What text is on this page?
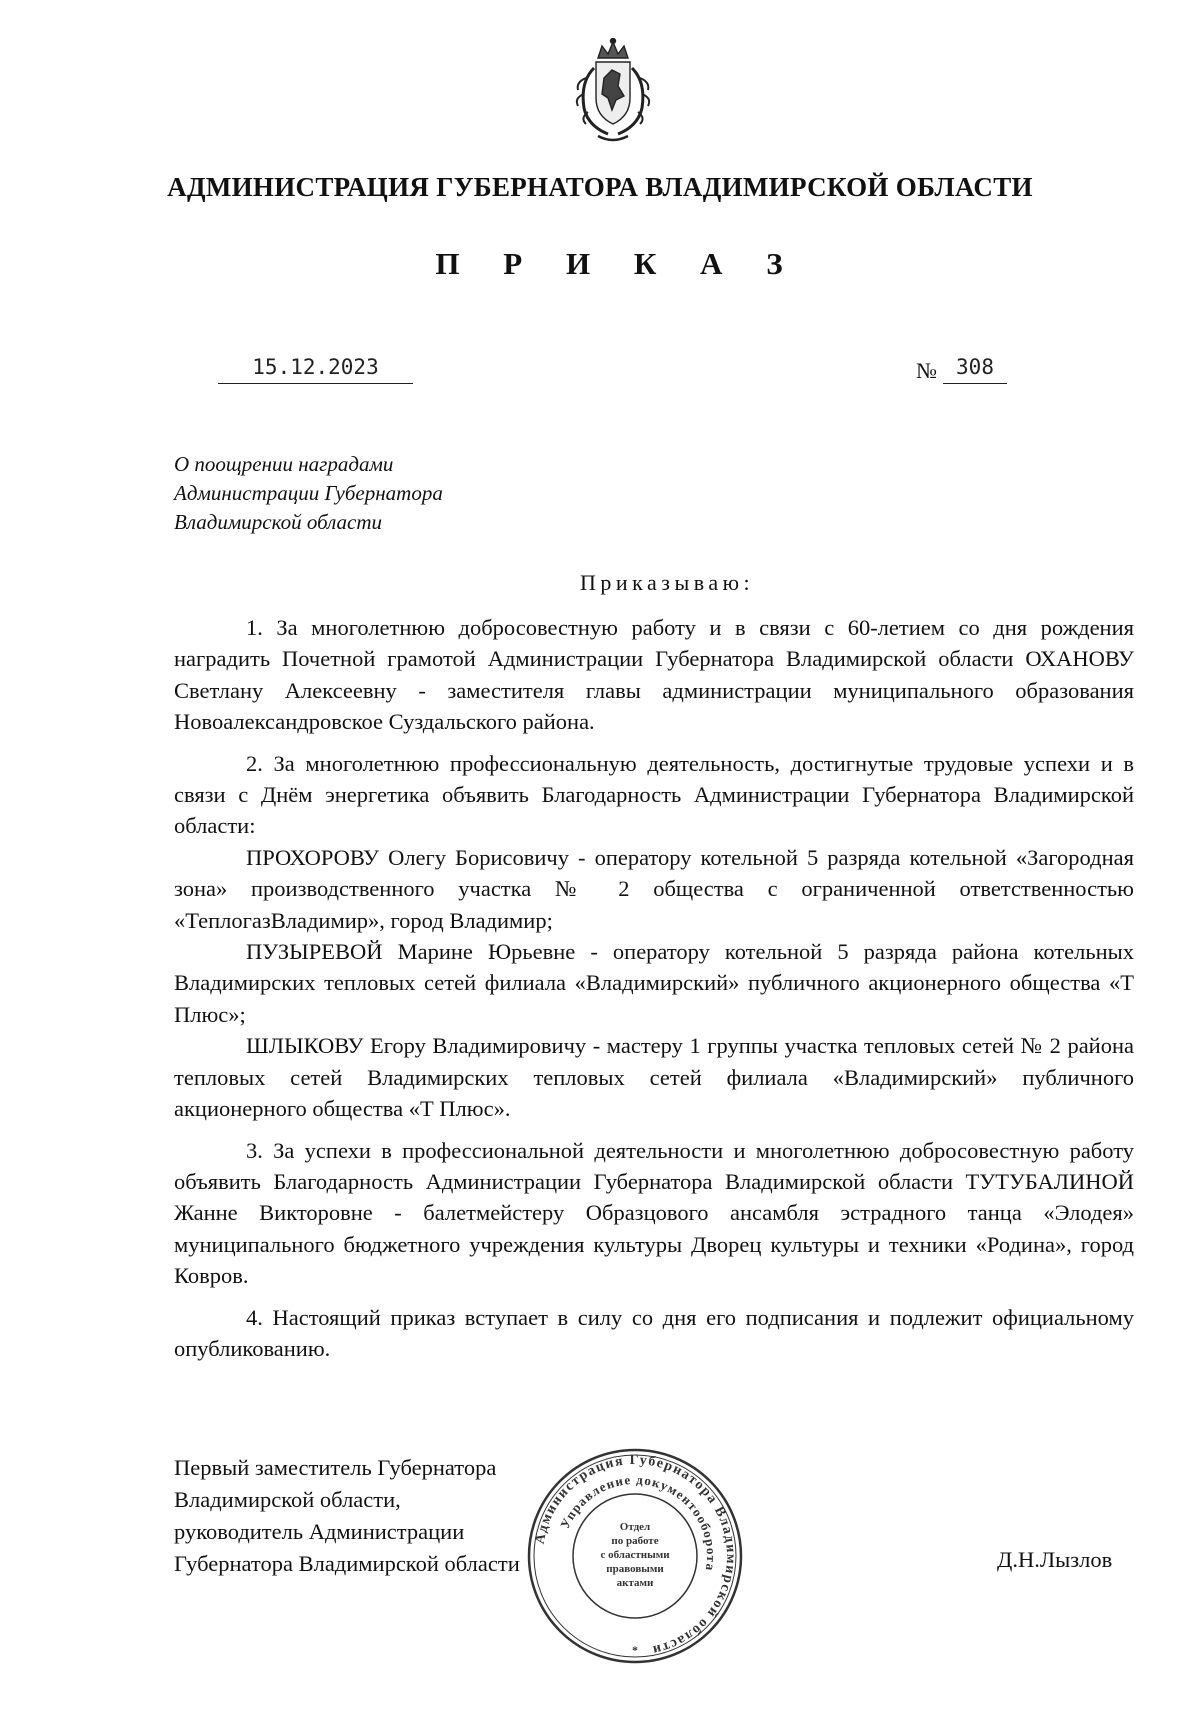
АДМИНИСТРАЦИЯ ГУБЕРНАТОРА ВЛАДИМИРСКОЙ ОБЛАСТИ
П Р И К А З
15.12.2023	№ 308
О поощрении наградами
Администрации Губернатора
Владимирской области
Приказываю:

1. За многолетнюю добросовестную работу и в связи с 60-летием со дня рождения наградить Почетной грамотой Администрации Губернатора Владимирской области ОХАНОВУ Светлану Алексеевну - заместителя главы администрации муниципального образования Новоалександровское Суздальского района.

2. За многолетнюю профессиональную деятельность, достигнутые трудовые успехи и в связи с Днём энергетика объявить Благодарность Администрации Губернатора Владимирской области:

ПРОХОРОВУ Олегу Борисовичу - оператору котельной 5 разряда котельной «Загородная зона» производственного участка № 2 общества с ограниченной ответственностью «ТеплогазВладимир», город Владимир;

ПУЗЫРЕВОЙ Марине Юрьевне - оператору котельной 5 разряда района котельных Владимирских тепловых сетей филиала «Владимирский» публичного акционерного общества «Т Плюс»;

ШЛЫКОВУ Егору Владимировичу - мастеру 1 группы участка тепловых сетей № 2 района тепловых сетей Владимирских тепловых сетей филиала «Владимирский» публичного акционерного общества «Т Плюс».

3. За успехи в профессиональной деятельности и многолетнюю добросовестную работу объявить Благодарность Администрации Губернатора Владимирской области ТУТУБАЛИНОЙ Жанне Викторовне - балетмейстеру Образцового ансамбля эстрадного танца «Элодея» муниципального бюджетного учреждения культуры Дворец культуры и техники «Родина», город Ковров.

4. Настоящий приказ вступает в силу со дня его подписания и подлежит официальному опубликованию.

Первый заместитель Губернатора
Владимирской области,
руководитель Администрации
Губернатора Владимирской области	Д.Н.Лызлов
Администрация Губернатора Владимирской области
Управление документооборота
Отдел
по работе
с областными
правовыми
актами
*
